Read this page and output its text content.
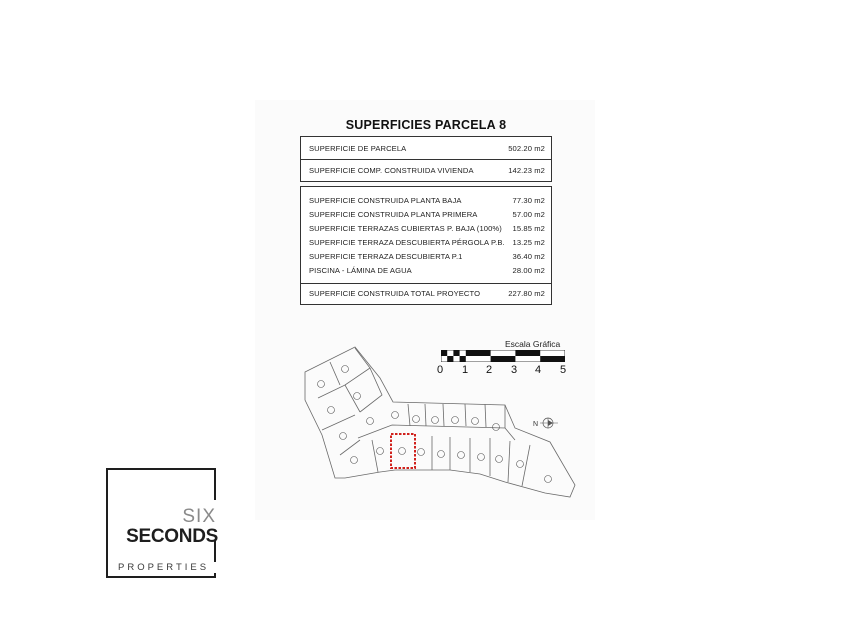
SUPERFICIES PARCELA 8
SUPERFICIE DE PARCELA	502.20 m2
SUPERFICIE COMP. CONSTRUIDA VIVIENDA	142.23 m2
SUPERFICIE CONSTRUIDA PLANTA BAJA	77.30 m2
SUPERFICIE CONSTRUIDA PLANTA PRIMERA	57.00 m2
SUPERFICIE TERRAZAS CUBIERTAS P. BAJA (100%) 15.85 m2
SUPERFICIE TERRAZA DESCUBIERTA PÉRGOLA P.B. 13.25 m2
SUPERFICIE TERRAZA DESCUBIERTA P.1	36.40 m2
PISCINA - LÁMINA DE AGUA	28.00 m2
SUPERFICIE CONSTRUIDA TOTAL PROYECTO	227.80 m2
Escala Gráfica
0 1 2 3 4 5
N
SIX
SECONDS
PROPERTIES
